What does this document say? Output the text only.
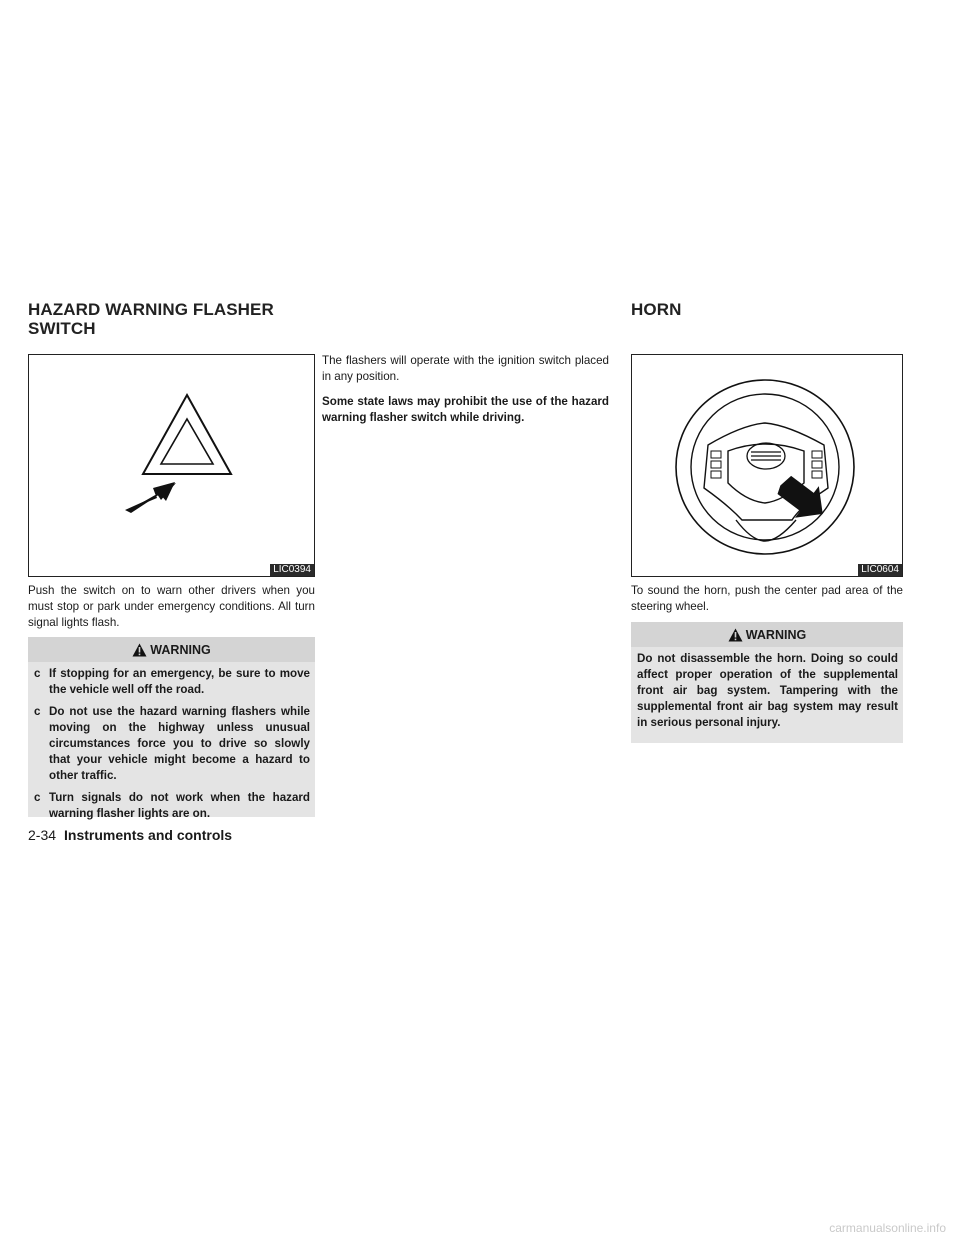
HAZARD WARNING FLASHER SWITCH
HORN
LIC0394	LIC0604

Push the switch on to warn other drivers when you must stop or park under emergency conditions. All turn signal lights flash.

WARNING
c If stopping for an emergency, be sure to move the vehicle well off the road.
c Do not use the hazard warning flashers while moving on the highway unless unusual circumstances force you to drive so slowly that your vehicle might become a hazard to other traffic.
c Turn signals do not work when the hazard warning flasher lights are on.

The flashers will operate with the ignition switch placed in any position.

Some state laws may prohibit the use of the hazard warning flasher switch while driving.

To sound the horn, push the center pad area of the steering wheel.

WARNING
Do not disassemble the horn. Doing so could affect proper operation of the supplemental front air bag system. Tampering with the supplemental front air bag system may result in serious personal injury.
2-34 Instruments and controls
carmanualsonline.info
